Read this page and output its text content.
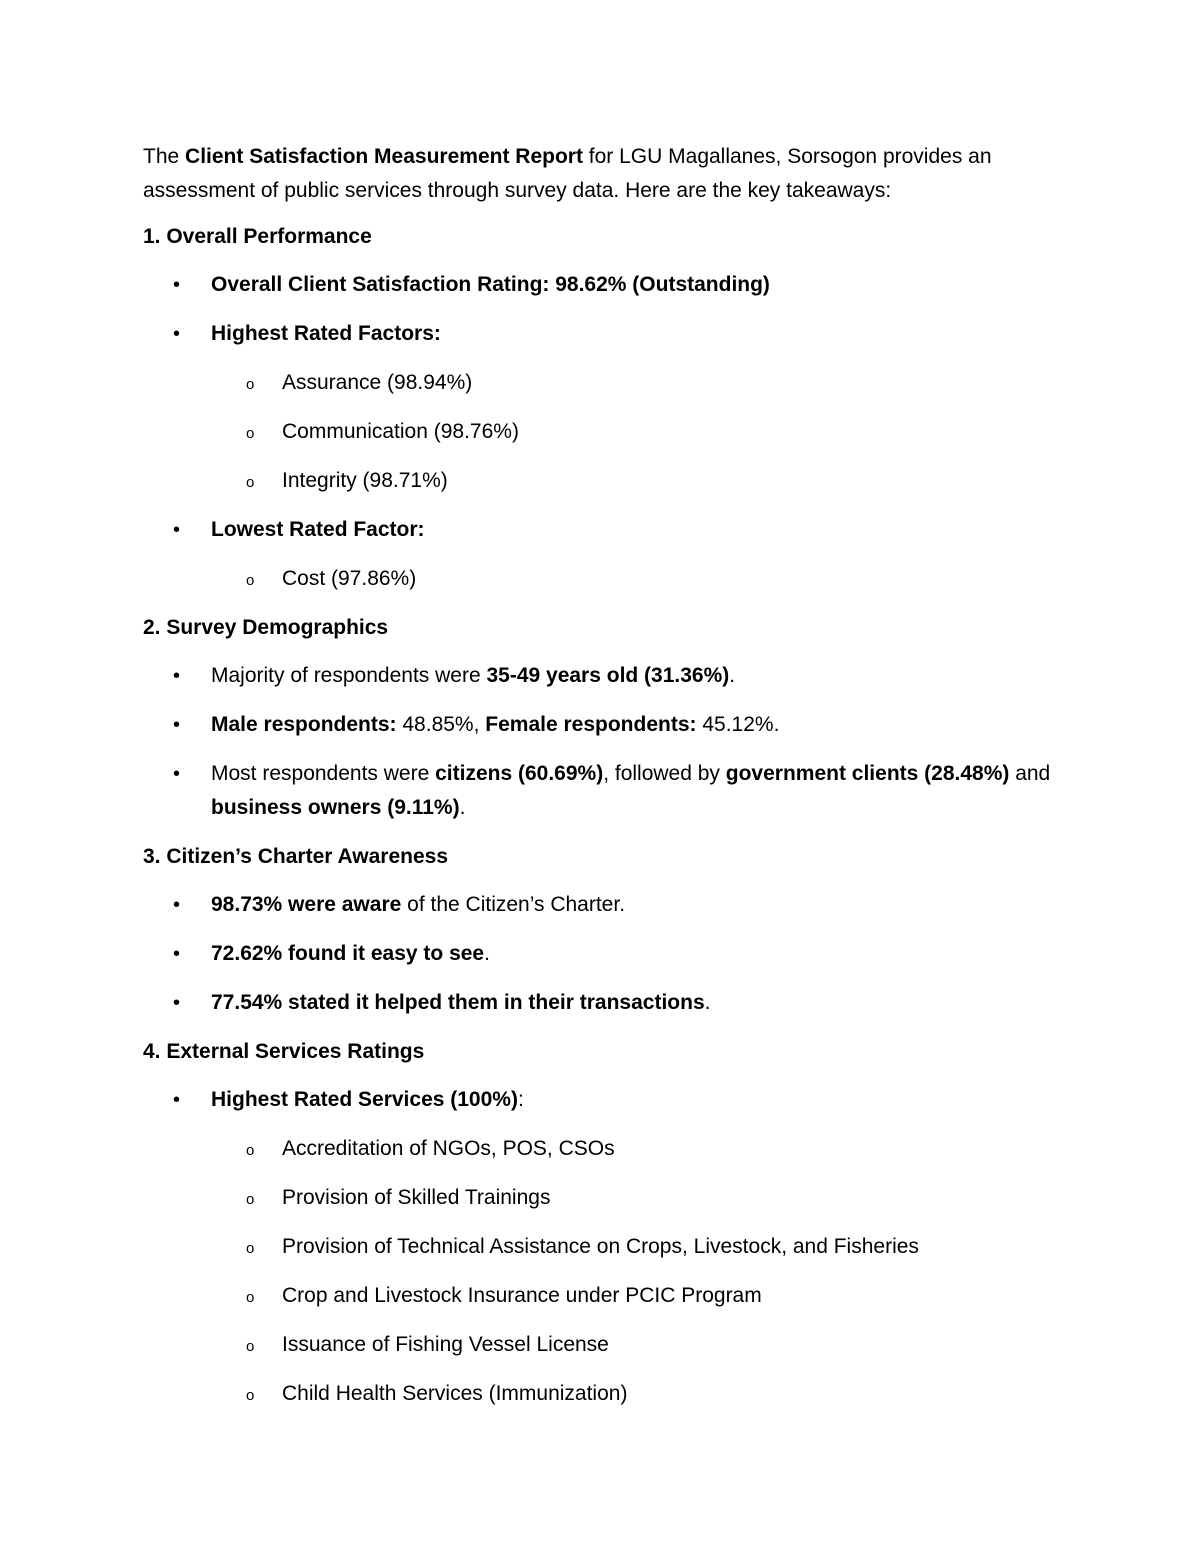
The Client Satisfaction Measurement Report for LGU Magallanes, Sorsogon provides an assessment of public services through survey data. Here are the key takeaways:

1. Overall Performance
•	Overall Client Satisfaction Rating: 98.62% (Outstanding)
•	Highest Rated Factors:
o	Assurance (98.94%)
o	Communication (98.76%)
o	Integrity (98.71%)
•	Lowest Rated Factor:
o	Cost (97.86%)
2. Survey Demographics
•	Majority of respondents were 35-49 years old (31.36%).
•	Male respondents: 48.85%, Female respondents: 45.12%.
•	Most respondents were citizens (60.69%), followed by government clients (28.48%) and business owners (9.11%).
3. Citizen’s Charter Awareness
•	98.73% were aware of the Citizen’s Charter.
•	72.62% found it easy to see.
•	77.54% stated it helped them in their transactions.
4. External Services Ratings
•	Highest Rated Services (100%):
o	Accreditation of NGOs, POS, CSOs
o	Provision of Skilled Trainings
o	Provision of Technical Assistance on Crops, Livestock, and Fisheries
o	Crop and Livestock Insurance under PCIC Program
o	Issuance of Fishing Vessel License
o	Child Health Services (Immunization)
